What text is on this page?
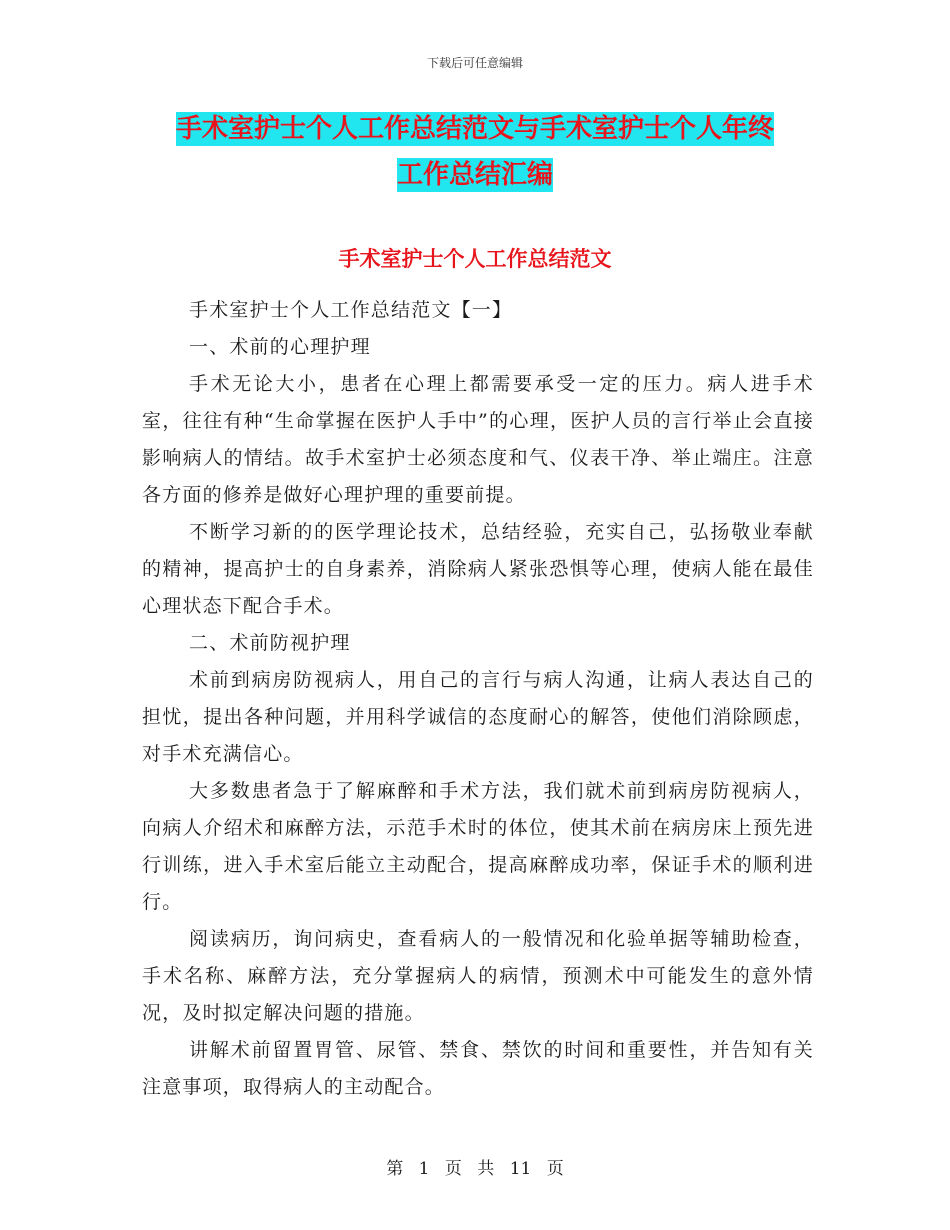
下载后可任意编辑
手术室护士个人工作总结范文与手术室护士个人年终
工作总结汇编
手术室护士个人工作总结范文

手术室护士个人工作总结范文【一】

一、术前的心理护理

手术无论大小，患者在心理上都需要承受一定的压力。病人进手术室，往往有种“生命掌握在医护人手中”的心理，医护人员的言行举止会直接影响病人的情结。故手术室护士必须态度和气、仪表干净、举止端庄。注意各方面的修养是做好心理护理的重要前提。

不断学习新的的医学理论技术，总结经验，充实自己，弘扬敬业奉献的精神，提高护士的自身素养，消除病人紧张恐惧等心理，使病人能在最佳心理状态下配合手术。

二、术前防视护理

术前到病房防视病人，用自己的言行与病人沟通，让病人表达自己的担忧，提出各种问题，并用科学诚信的态度耐心的解答，使他们消除顾虑，对手术充满信心。

大多数患者急于了解麻醉和手术方法，我们就术前到病房防视病人，向病人介绍术和麻醉方法，示范手术时的体位，使其术前在病房床上预先进行训练，进入手术室后能立主动配合，提高麻醉成功率，保证手术的顺利进行。

阅读病历，询问病史，查看病人的一般情况和化验单据等辅助检查，手术名称、麻醉方法，充分掌握病人的病情，预测术中可能发生的意外情况，及时拟定解决问题的措施。

讲解术前留置胃管、尿管、禁食、禁饮的时间和重要性，并告知有关注意事项，取得病人的主动配合。

第 1 页 共 11 页
